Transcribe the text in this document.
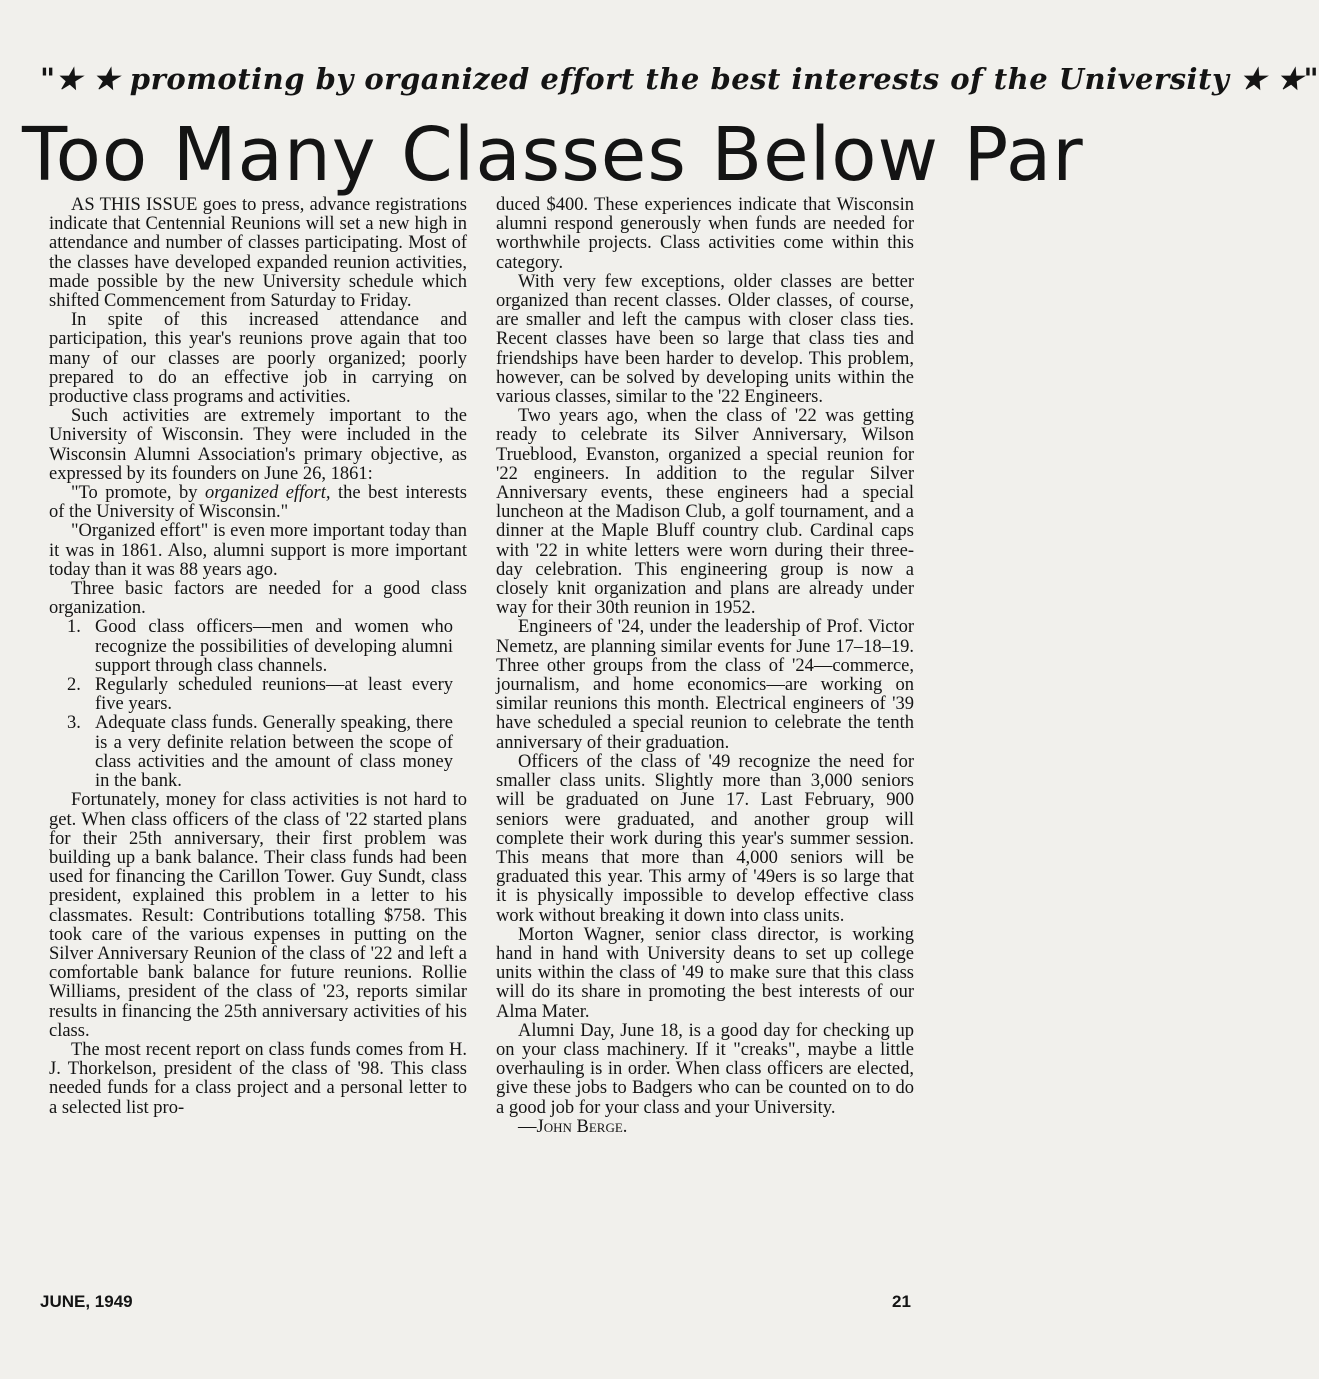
"★ ★ promoting by organized effort the best interests of the University ★ ★"
Too Many Classes Below Par

AS THIS ISSUE goes to press, advance registrations indicate that Centennial Reunions will set a new high in attendance and number of classes participating. Most of the classes have developed expanded reunion activities, made possible by the new University schedule which shifted Commencement from Saturday to Friday.

In spite of this increased attendance and participation, this year's reunions prove again that too many of our classes are poorly organized; poorly prepared to do an effective job in carrying on productive class programs and activities.

Such activities are extremely important to the University of Wisconsin. They were included in the Wisconsin Alumni Association's primary objective, as expressed by its founders on June 26, 1861:

"To promote, by organized effort, the best interests of the University of Wisconsin."

"Organized effort" is even more important today than it was in 1861. Also, alumni support is more important today than it was 88 years ago.

Three basic factors are needed for a good class organization.

1. Good class officers—men and women who recognize the possibilities of developing alumni support through class channels.
2. Regularly scheduled reunions—at least every five years.
3. Adequate class funds. Generally speaking, there is a very definite relation between the scope of class activities and the amount of class money in the bank.

Fortunately, money for class activities is not hard to get. When class officers of the class of '22 started plans for their 25th anniversary, their first problem was building up a bank balance. Their class funds had been used for financing the Carillon Tower. Guy Sundt, class president, explained this problem in a letter to his classmates. Result: Contributions totalling $758. This took care of the various expenses in putting on the Silver Anniversary Reunion of the class of '22 and left a comfortable bank balance for future reunions. Rollie Williams, president of the class of '23, reports similar results in financing the 25th anniversary activities of his class.

The most recent report on class funds comes from H. J. Thorkelson, president of the class of '98. This class needed funds for a class project and a personal letter to a selected list pro-

duced $400. These experiences indicate that Wisconsin alumni respond generously when funds are needed for worthwhile projects. Class activities come within this category.

With very few exceptions, older classes are better organized than recent classes. Older classes, of course, are smaller and left the campus with closer class ties. Recent classes have been so large that class ties and friendships have been harder to develop. This problem, however, can be solved by developing units within the various classes, similar to the '22 Engineers.

Two years ago, when the class of '22 was getting ready to celebrate its Silver Anniversary, Wilson Trueblood, Evanston, organized a special reunion for '22 engineers. In addition to the regular Silver Anniversary events, these engineers had a special luncheon at the Madison Club, a golf tournament, and a dinner at the Maple Bluff country club. Cardinal caps with '22 in white letters were worn during their three-day celebration. This engineering group is now a closely knit organization and plans are already under way for their 30th reunion in 1952.

Engineers of '24, under the leadership of Prof. Victor Nemetz, are planning similar events for June 17–18–19. Three other groups from the class of '24—commerce, journalism, and home economics—are working on similar reunions this month. Electrical engineers of '39 have scheduled a special reunion to celebrate the tenth anniversary of their graduation.

Officers of the class of '49 recognize the need for smaller class units. Slightly more than 3,000 seniors will be graduated on June 17. Last February, 900 seniors were graduated, and another group will complete their work during this year's summer session. This means that more than 4,000 seniors will be graduated this year. This army of '49ers is so large that it is physically impossible to develop effective class work without breaking it down into class units.

Morton Wagner, senior class director, is working hand in hand with University deans to set up college units within the class of '49 to make sure that this class will do its share in promoting the best interests of our Alma Mater.

Alumni Day, June 18, is a good day for checking up on your class machinery. If it "creaks", maybe a little overhauling is in order. When class officers are elected, give these jobs to Badgers who can be counted on to do a good job for your class and your University.

—John Berge.

JUNE, 1949	21
